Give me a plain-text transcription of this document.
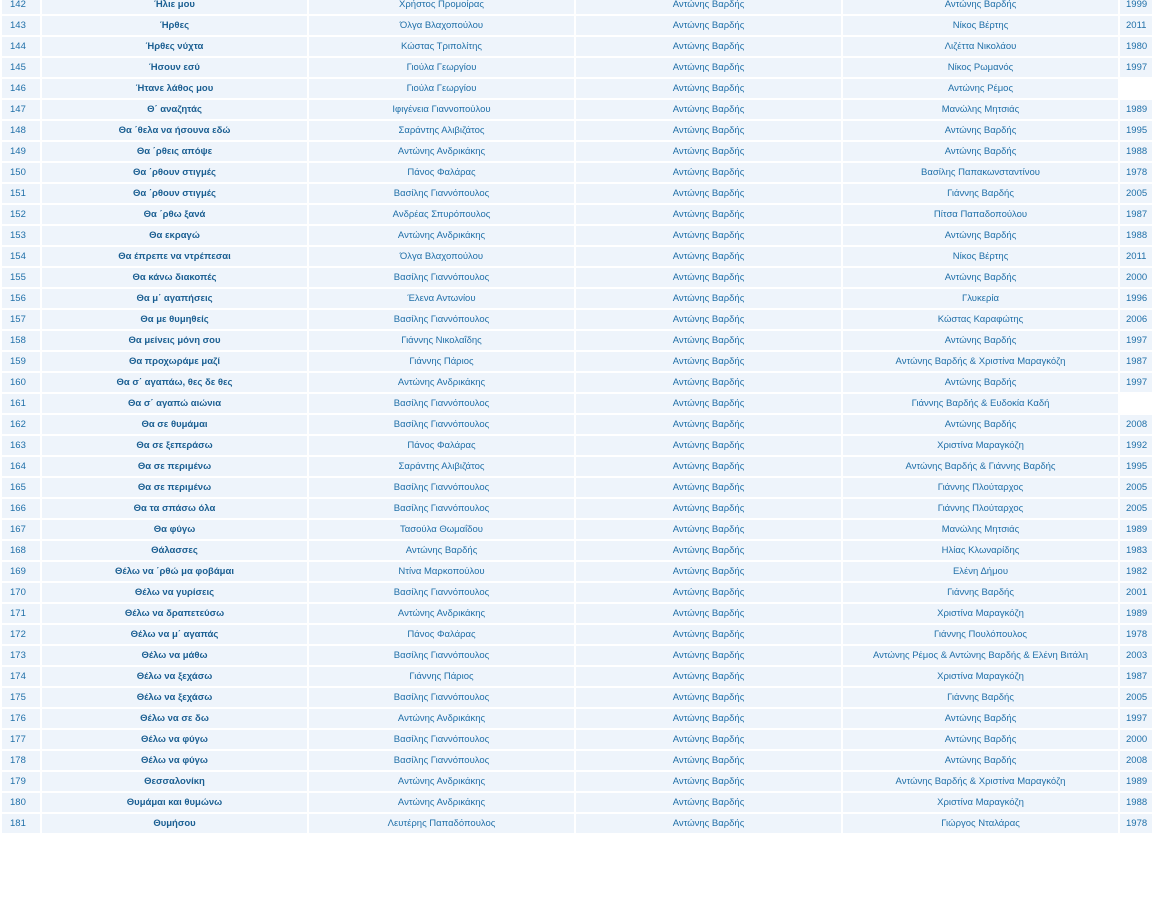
142	Ήλιε μου	Χρήστος Προμοίρας	Αντώνης Βαρδής	Αντώνης Βαρδής	1999
143	Ήρθες	Όλγα Βλαχοπούλου	Αντώνης Βαρδής	Νίκος Βέρτης	2011
144	Ήρθες νύχτα	Κώστας Τριπολίτης	Αντώνης Βαρδής	Λιζέττα Νικολάου	1980
145	Ήσουν εσύ	Γιούλα Γεωργίου	Αντώνης Βαρδής	Νίκος Ρωμανός	1997
146	Ήτανε λάθος μου	Γιούλα Γεωργίου	Αντώνης Βαρδής	Αντώνης Ρέμος	
147	Θ΄ αναζητάς	Ιφιγένεια Γιαννοπούλου	Αντώνης Βαρδής	Μανώλης Μητσιάς	1989
148	Θα ΄θελα να ήσουνα εδώ	Σαράντης Αλιβιζάτος	Αντώνης Βαρδής	Αντώνης Βαρδής	1995
149	Θα ΄ρθεις απόψε	Αντώνης Ανδρικάκης	Αντώνης Βαρδής	Αντώνης Βαρδής	1988
150	Θα ΄ρθουν στιγμές	Πάνος Φαλάρας	Αντώνης Βαρδής	Βασίλης Παπακωνσταντίνου	1978
151	Θα ΄ρθουν στιγμές	Βασίλης Γιαννόπουλος	Αντώνης Βαρδής	Γιάννης Βαρδής	2005
152	Θα ΄ρθω ξανά	Ανδρέας Σπυρόπουλος	Αντώνης Βαρδής	Πίτσα Παπαδοπούλου	1987
153	Θα εκραγώ	Αντώνης Ανδρικάκης	Αντώνης Βαρδής	Αντώνης Βαρδής	1988
154	Θα έπρεπε να ντρέπεσαι	Όλγα Βλαχοπούλου	Αντώνης Βαρδής	Νίκος Βέρτης	2011
155	Θα κάνω διακοπές	Βασίλης Γιαννόπουλος	Αντώνης Βαρδής	Αντώνης Βαρδής	2000
156	Θα μ΄ αγαπήσεις	Έλενα Αντωνίου	Αντώνης Βαρδής	Γλυκερία	1996
157	Θα με θυμηθείς	Βασίλης Γιαννόπουλος	Αντώνης Βαρδής	Κώστας Καραφώτης	2006
158	Θα μείνεις μόνη σου	Γιάννης Νικολαΐδης	Αντώνης Βαρδής	Αντώνης Βαρδής	1997
159	Θα προχωράμε μαζί	Γιάννης Πάριος	Αντώνης Βαρδής	Αντώνης Βαρδής & Χριστίνα Μαραγκόζη	1987
160	Θα σ΄ αγαπάω, θες δε θες	Αντώνης Ανδρικάκης	Αντώνης Βαρδής	Αντώνης Βαρδής	1997
161	Θα σ΄ αγαπώ αιώνια	Βασίλης Γιαννόπουλος	Αντώνης Βαρδής	Γιάννης Βαρδής & Ευδοκία Καδή	
162	Θα σε θυμάμαι	Βασίλης Γιαννόπουλος	Αντώνης Βαρδής	Αντώνης Βαρδής	2008
163	Θα σε ξεπεράσω	Πάνος Φαλάρας	Αντώνης Βαρδής	Χριστίνα Μαραγκόζη	1992
164	Θα σε περιμένω	Σαράντης Αλιβιζάτος	Αντώνης Βαρδής	Αντώνης Βαρδής & Γιάννης Βαρδής	1995
165	Θα σε περιμένω	Βασίλης Γιαννόπουλος	Αντώνης Βαρδής	Γιάννης Πλούταρχος	2005
166	Θα τα σπάσω όλα	Βασίλης Γιαννόπουλος	Αντώνης Βαρδής	Γιάννης Πλούταρχος	2005
167	Θα φύγω	Τασούλα Θωμαΐδου	Αντώνης Βαρδής	Μανώλης Μητσιάς	1989
168	Θάλασσες	Αντώνης Βαρδής	Αντώνης Βαρδής	Ηλίας Κλωναρίδης	1983
169	Θέλω να ΄ρθώ μα φοβάμαι	Ντίνα Μαρκοπούλου	Αντώνης Βαρδής	Ελένη Δήμου	1982
170	Θέλω να γυρίσεις	Βασίλης Γιαννόπουλος	Αντώνης Βαρδής	Γιάννης Βαρδής	2001
171	Θέλω να δραπετεύσω	Αντώνης Ανδρικάκης	Αντώνης Βαρδής	Χριστίνα Μαραγκόζη	1989
172	Θέλω να μ΄ αγαπάς	Πάνος Φαλάρας	Αντώνης Βαρδής	Γιάννης Πουλόπουλος	1978
173	Θέλω να μάθω	Βασίλης Γιαννόπουλος	Αντώνης Βαρδής	Αντώνης Ρέμος & Αντώνης Βαρδής & Ελένη Βιτάλη	2003
174	Θέλω να ξεχάσω	Γιάννης Πάριος	Αντώνης Βαρδής	Χριστίνα Μαραγκόζη	1987
175	Θέλω να ξεχάσω	Βασίλης Γιαννόπουλος	Αντώνης Βαρδής	Γιάννης Βαρδής	2005
176	Θέλω να σε δω	Αντώνης Ανδρικάκης	Αντώνης Βαρδής	Αντώνης Βαρδής	1997
177	Θέλω να φύγω	Βασίλης Γιαννόπουλος	Αντώνης Βαρδής	Αντώνης Βαρδής	2000
178	Θέλω να φύγω	Βασίλης Γιαννόπουλος	Αντώνης Βαρδής	Αντώνης Βαρδής	2008
179	Θεσσαλονίκη	Αντώνης Ανδρικάκης	Αντώνης Βαρδής	Αντώνης Βαρδής & Χριστίνα Μαραγκόζη	1989
180	Θυμάμαι και θυμώνω	Αντώνης Ανδρικάκης	Αντώνης Βαρδής	Χριστίνα Μαραγκόζη	1988
181	Θυμήσου	Λευτέρης Παπαδόπουλος	Αντώνης Βαρδής	Γιώργος Νταλάρας	1978
